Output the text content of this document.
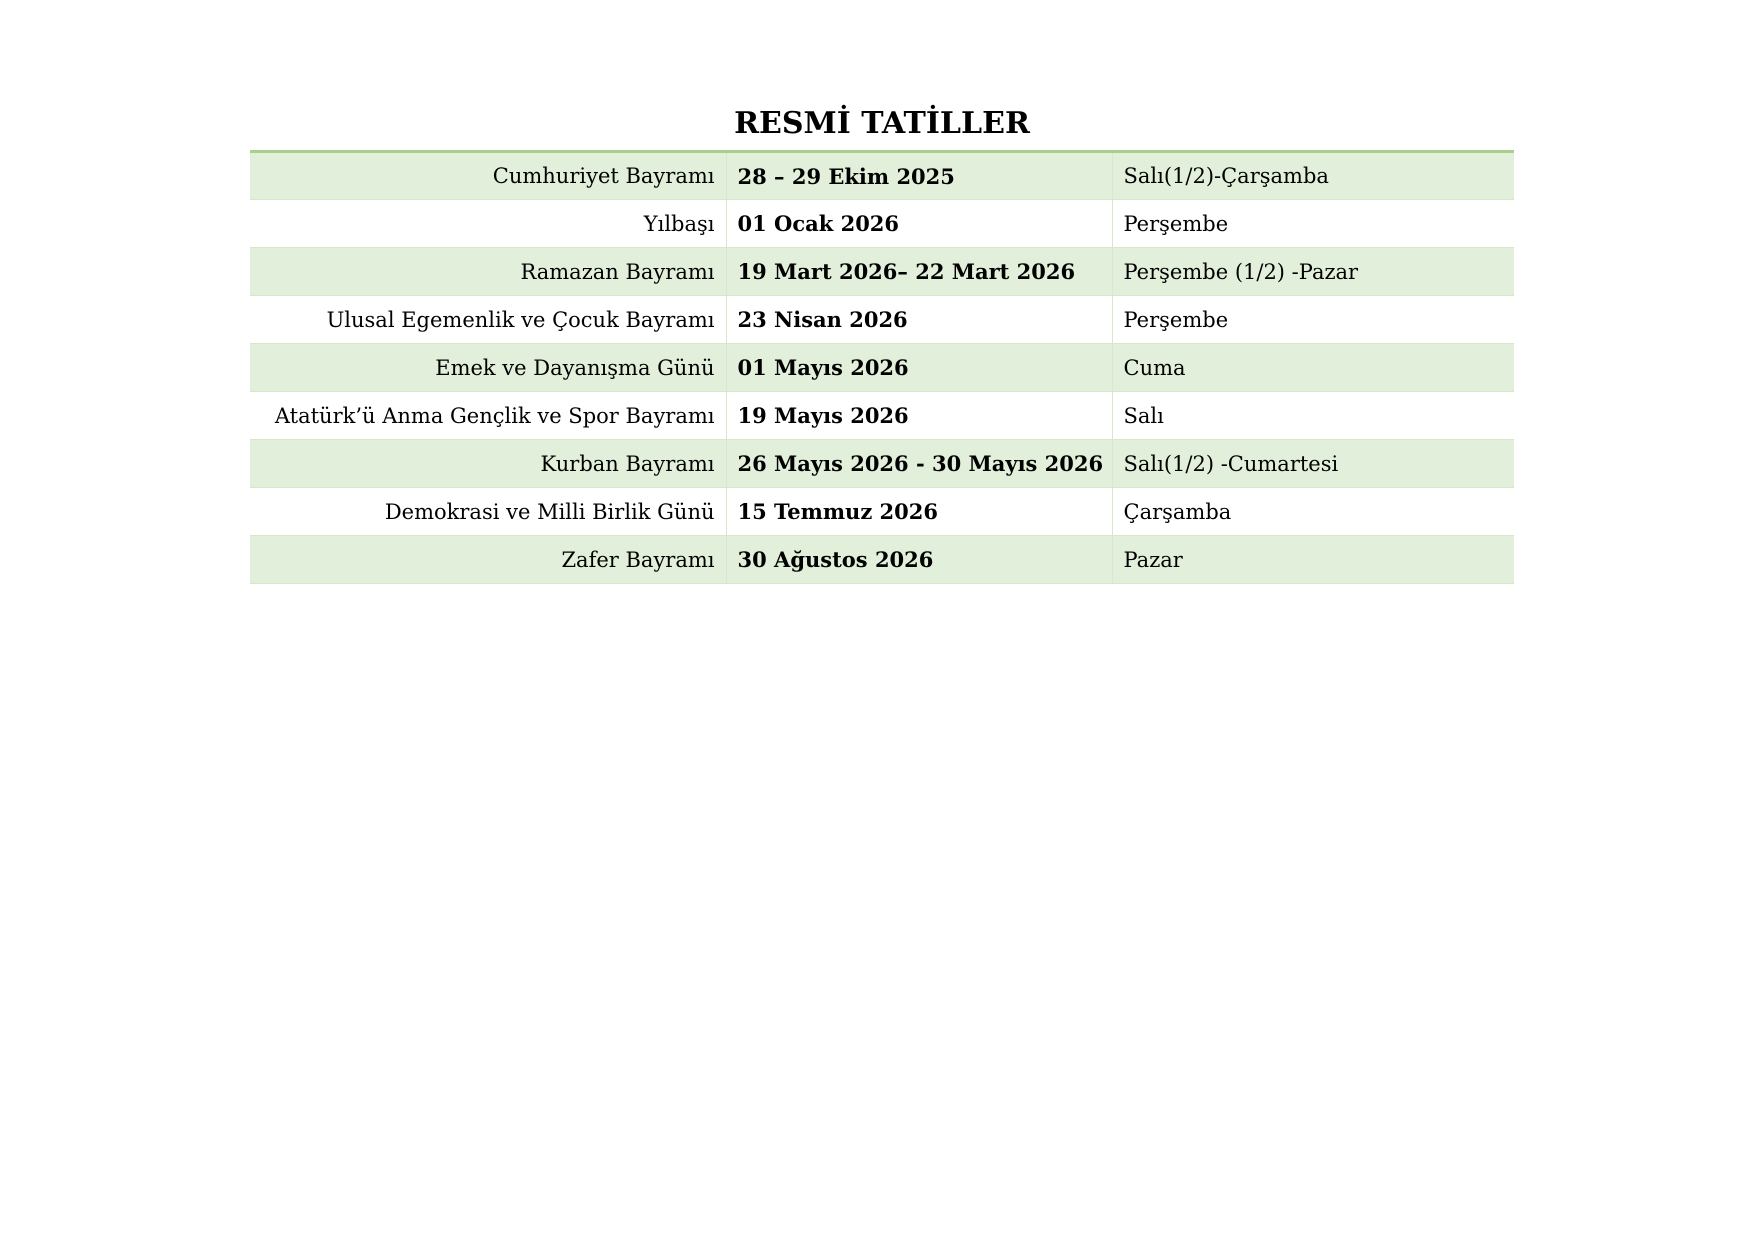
RESMİ TATİLLER
Cumhuriyet Bayramı	28 – 29 Ekim 2025	Salı(1/2)-Çarşamba
Yılbaşı	01 Ocak 2026	Perşembe
Ramazan Bayramı	19 Mart 2026– 22 Mart 2026	Perşembe (1/2) -Pazar
Ulusal Egemenlik ve Çocuk Bayramı	23 Nisan 2026	Perşembe
Emek ve Dayanışma Günü	01 Mayıs 2026	Cuma
Atatürk’ü Anma Gençlik ve Spor Bayramı	19 Mayıs 2026	Salı
Kurban Bayramı	26 Mayıs 2026 - 30 Mayıs 2026	Salı(1/2) -Cumartesi
Demokrasi ve Milli Birlik Günü	15 Temmuz 2026	Çarşamba
Zafer Bayramı	30 Ağustos 2026	Pazar
